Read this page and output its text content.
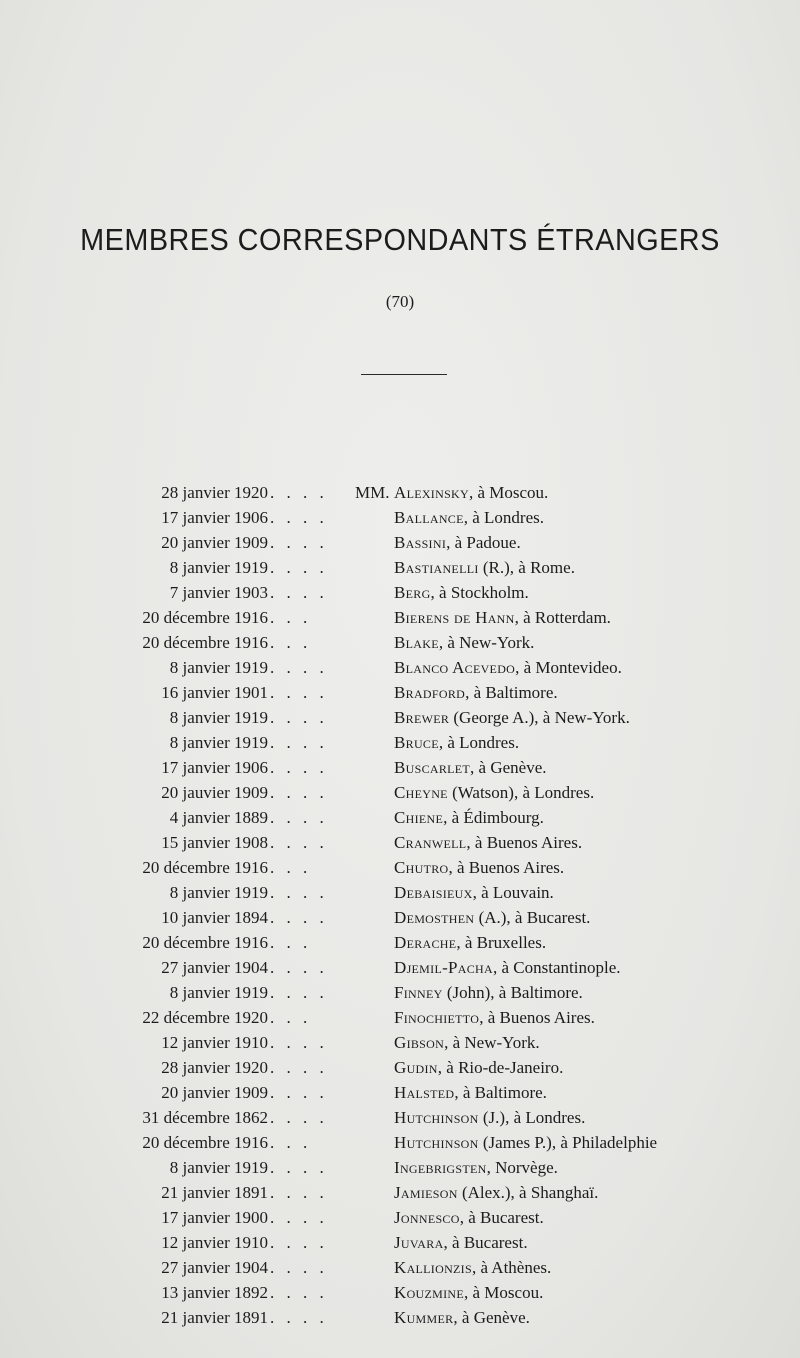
MEMBRES CORRESPONDANTS ÉTRANGERS
(70)
28 janvier 1920 . . . . MM. Alexinsky, à Moscou.
17 janvier 1906 . . . .	Ballance, à Londres.
20 janvier 1909 . . . .	Bassini, à Padoue.
8 janvier 1919 . . . .	Bastianelli (R.), à Rome.
7 janvier 1903 . . . .	Berg, à Stockholm.
20 décembre 1916 . . .	Bierens de Hann, à Rotterdam.
20 décembre 1916 . . .	Blake, à New-York.
8 janvier 1919 . . . .	Blanco Acevedo, à Montevideo.
16 janvier 1901 . . . .	Bradford, à Baltimore.
8 janvier 1919 . . . .	Brewer (George A.), à New-York.
8 janvier 1919 . . . .	Bruce, à Londres.
17 janvier 1906 . . . .	Buscarlet, à Genève.
20 jauvier 1909 . . . .	Cheyne (Watson), à Londres.
4 janvier 1889 . . . .	Chiene, à Édimbourg.
15 janvier 1908 . . . .	Cranwell, à Buenos Aires.
20 décembre 1916 . . .	Chutro, à Buenos Aires.
8 janvier 1919 . . . .	Debaisieux, à Louvain.
10 janvier 1894 . . . .	Demosthen (A.), à Bucarest.
20 décembre 1916 . . .	Derache, à Bruxelles.
27 janvier 1904 . . . .	Djemil-Pacha, à Constantinople.
8 janvier 1919 . . . .	Finney (John), à Baltimore.
22 décembre 1920 . . .	Finochietto, à Buenos Aires.
12 janvier 1910 . . . .	Gibson, à New-York.
28 janvier 1920 . . . .	Gudin, à Rio-de-Janeiro.
20 janvier 1909 . . . .	Halsted, à Baltimore.
31 décembre 1862 . . . .	Hutchinson (J.), à Londres.
20 décembre 1916 . . .	Hutchinson (James P.), à Philadelphie
8 janvier 1919 . . . .	Ingebrigsten, Norvège.
21 janvier 1891 . . . .	Jamieson (Alex.), à Shanghaï.
17 janvier 1900 . . . .	Jonnesco, à Bucarest.
12 janvier 1910 . . . .	Juvara, à Bucarest.
27 janvier 1904 . . . .	Kallionzis, à Athènes.
13 janvier 1892 . . . .	Kouzmine, à Moscou.
21 janvier 1891 . . . .	Kummer, à Genève.
